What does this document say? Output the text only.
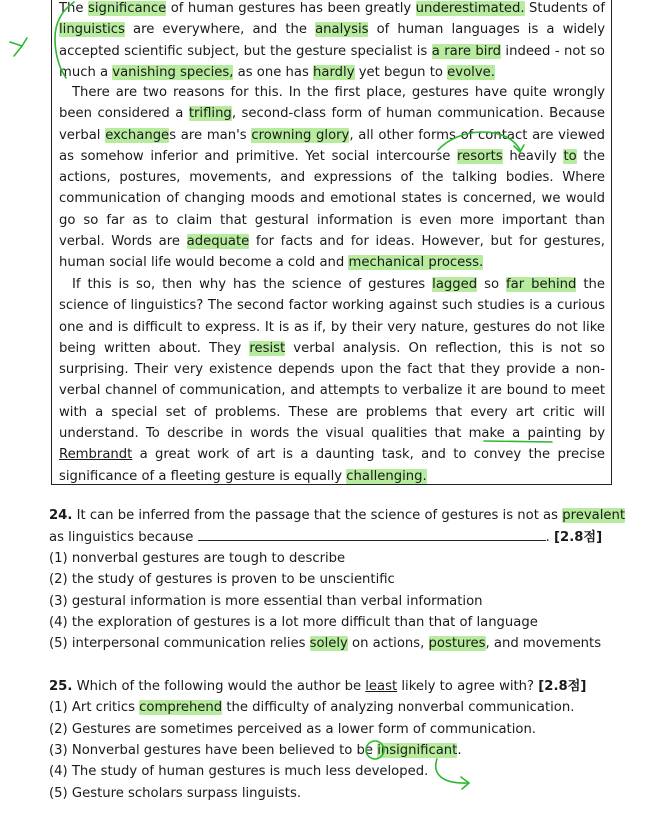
The significance of human gestures has been greatly underestimated. Students of linguistics are everywhere, and the analysis of human languages is a widely accepted scientific subject, but the gesture specialist is a rare bird indeed - not so much a vanishing species, as one has hardly yet begun to evolve.

There are two reasons for this. In the first place, gestures have quite wrongly been considered a trifling, second-class form of human communication. Because verbal exchanges are man's crowning glory, all other forms of contact are viewed as somehow inferior and primitive. Yet social intercourse resorts heavily to the actions, postures, movements, and expressions of the talking bodies. Where communication of changing moods and emotional states is concerned, we would go so far as to claim that gestural information is even more important than verbal. Words are adequate for facts and for ideas. However, but for gestures, human social life would become a cold and mechanical process.

If this is so, then why has the science of gestures lagged so far behind the science of linguistics? The second factor working against such studies is a curious one and is difficult to express. It is as if, by their very nature, gestures do not like being written about. They resist verbal analysis. On reflection, this is not so surprising. Their very existence depends upon the fact that they provide a non-verbal channel of communication, and attempts to verbalize it are bound to meet with a special set of problems. These are problems that every art critic will understand. To describe in words the visual qualities that make a painting by Rembrandt a great work of art is a daunting task, and to convey the precise significance of a fleeting gesture is equally challenging.

24. It can be inferred from the passage that the science of gestures is not as prevalent
as linguistics because	. [2.8점]
(1) nonverbal gestures are tough to describe
(2) the study of gestures is proven to be unscientific
(3) gestural information is more essential than verbal information
(4) the exploration of gestures is a lot more difficult than that of language
(5) interpersonal communication relies solely on actions, postures, and movements
25. Which of the following would the author be least likely to agree with? [2.8점]
(1) Art critics comprehend the difficulty of analyzing nonverbal communication.
(2) Gestures are sometimes perceived as a lower form of communication.
(3) Nonverbal gestures have been believed to be insignificant.
(4) The study of human gestures is much less developed.
(5) Gesture scholars surpass linguists.
